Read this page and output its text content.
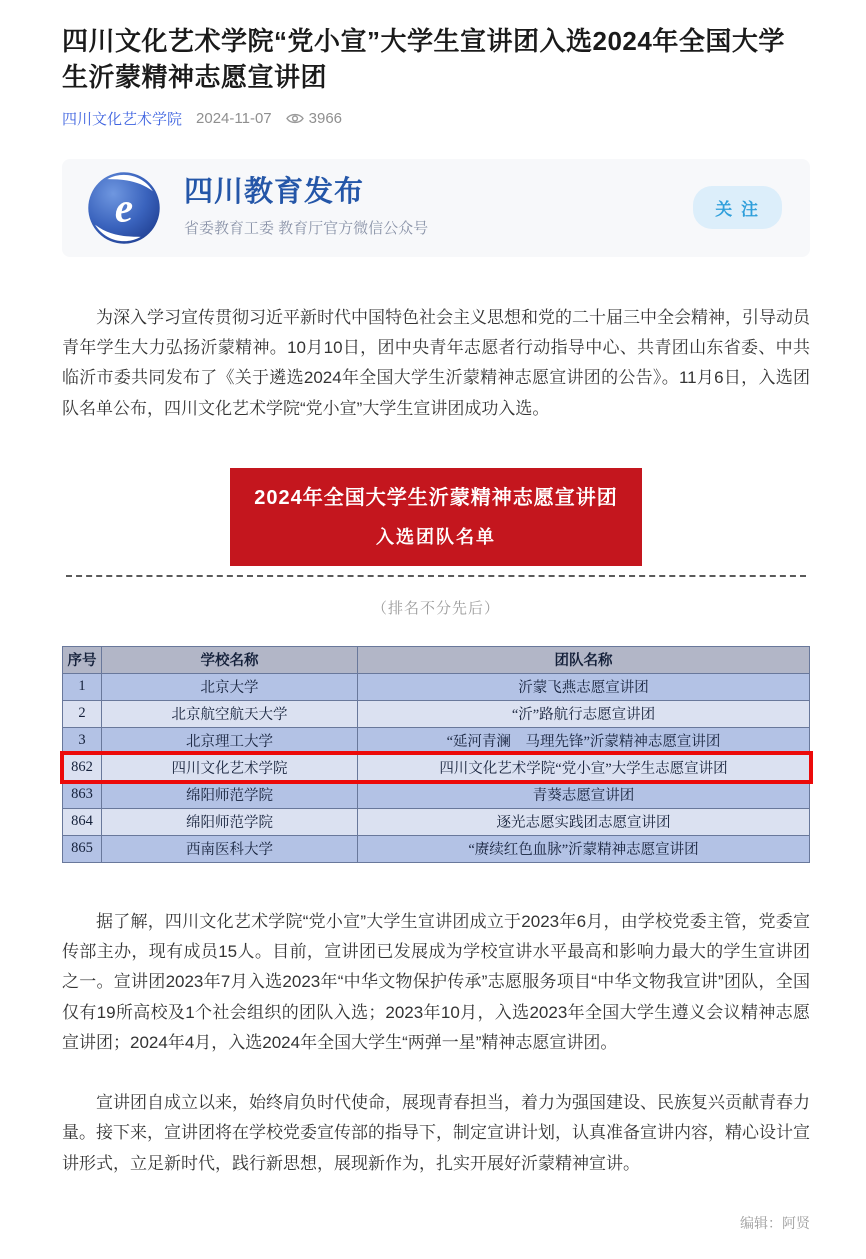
四川文化艺术学院“党小宣”大学生宣讲团入选2024年全国大学生沂蒙精神志愿宣讲团
四川文化艺术学院 2024-11-07 3966
e 四川教育发布
省委教育工委 教育厅官方微信公众号
关 注

为深入学习宣传贯彻习近平新时代中国特色社会主义思想和党的二十届三中全会精神，引导动员青年学生大力弘扬沂蒙精神。10月10日，团中央青年志愿者行动指导中心、共青团山东省委、中共临沂市委共同发布了《关于遴选2024年全国大学生沂蒙精神志愿宣讲团的公告》。11月6日，入选团队名单公布，四川文化艺术学院“党小宣”大学生宣讲团成功入选。

2024年全国大学生沂蒙精神志愿宣讲团
入选团队名单
（排名不分先后）
序号	学校名称	团队名称
1	北京大学	沂蒙飞燕志愿宣讲团
2	北京航空航天大学	“沂”路航行志愿宣讲团
3	北京理工大学	“延河青澜　马理先锋”沂蒙精神志愿宣讲团
862	四川文化艺术学院	四川文化艺术学院“党小宣”大学生志愿宣讲团
863	绵阳师范学院	青葵志愿宣讲团
864	绵阳师范学院	逐光志愿实践团志愿宣讲团
865	西南医科大学	“赓续红色血脉”沂蒙精神志愿宣讲团

据了解，四川文化艺术学院“党小宣”大学生宣讲团成立于2023年6月，由学校党委主管，党委宣传部主办，现有成员15人。目前，宣讲团已发展成为学校宣讲水平最高和影响力最大的学生宣讲团之一。宣讲团2023年7月入选2023年“中华文物保护传承”志愿服务项目“中华文物我宣讲”团队，全国仅有19所高校及1个社会组织的团队入选；2023年10月，入选2023年全国大学生遵义会议精神志愿宣讲团；2024年4月，入选2024年全国大学生“两弹一星”精神志愿宣讲团。

宣讲团自成立以来，始终肩负时代使命，展现青春担当，着力为强国建设、民族复兴贡献青春力量。接下来，宣讲团将在学校党委宣传部的指导下，制定宣讲计划，认真准备宣讲内容，精心设计宣讲形式，立足新时代，践行新思想，展现新作为，扎实开展好沂蒙精神宣讲。

编辑：阿贤
